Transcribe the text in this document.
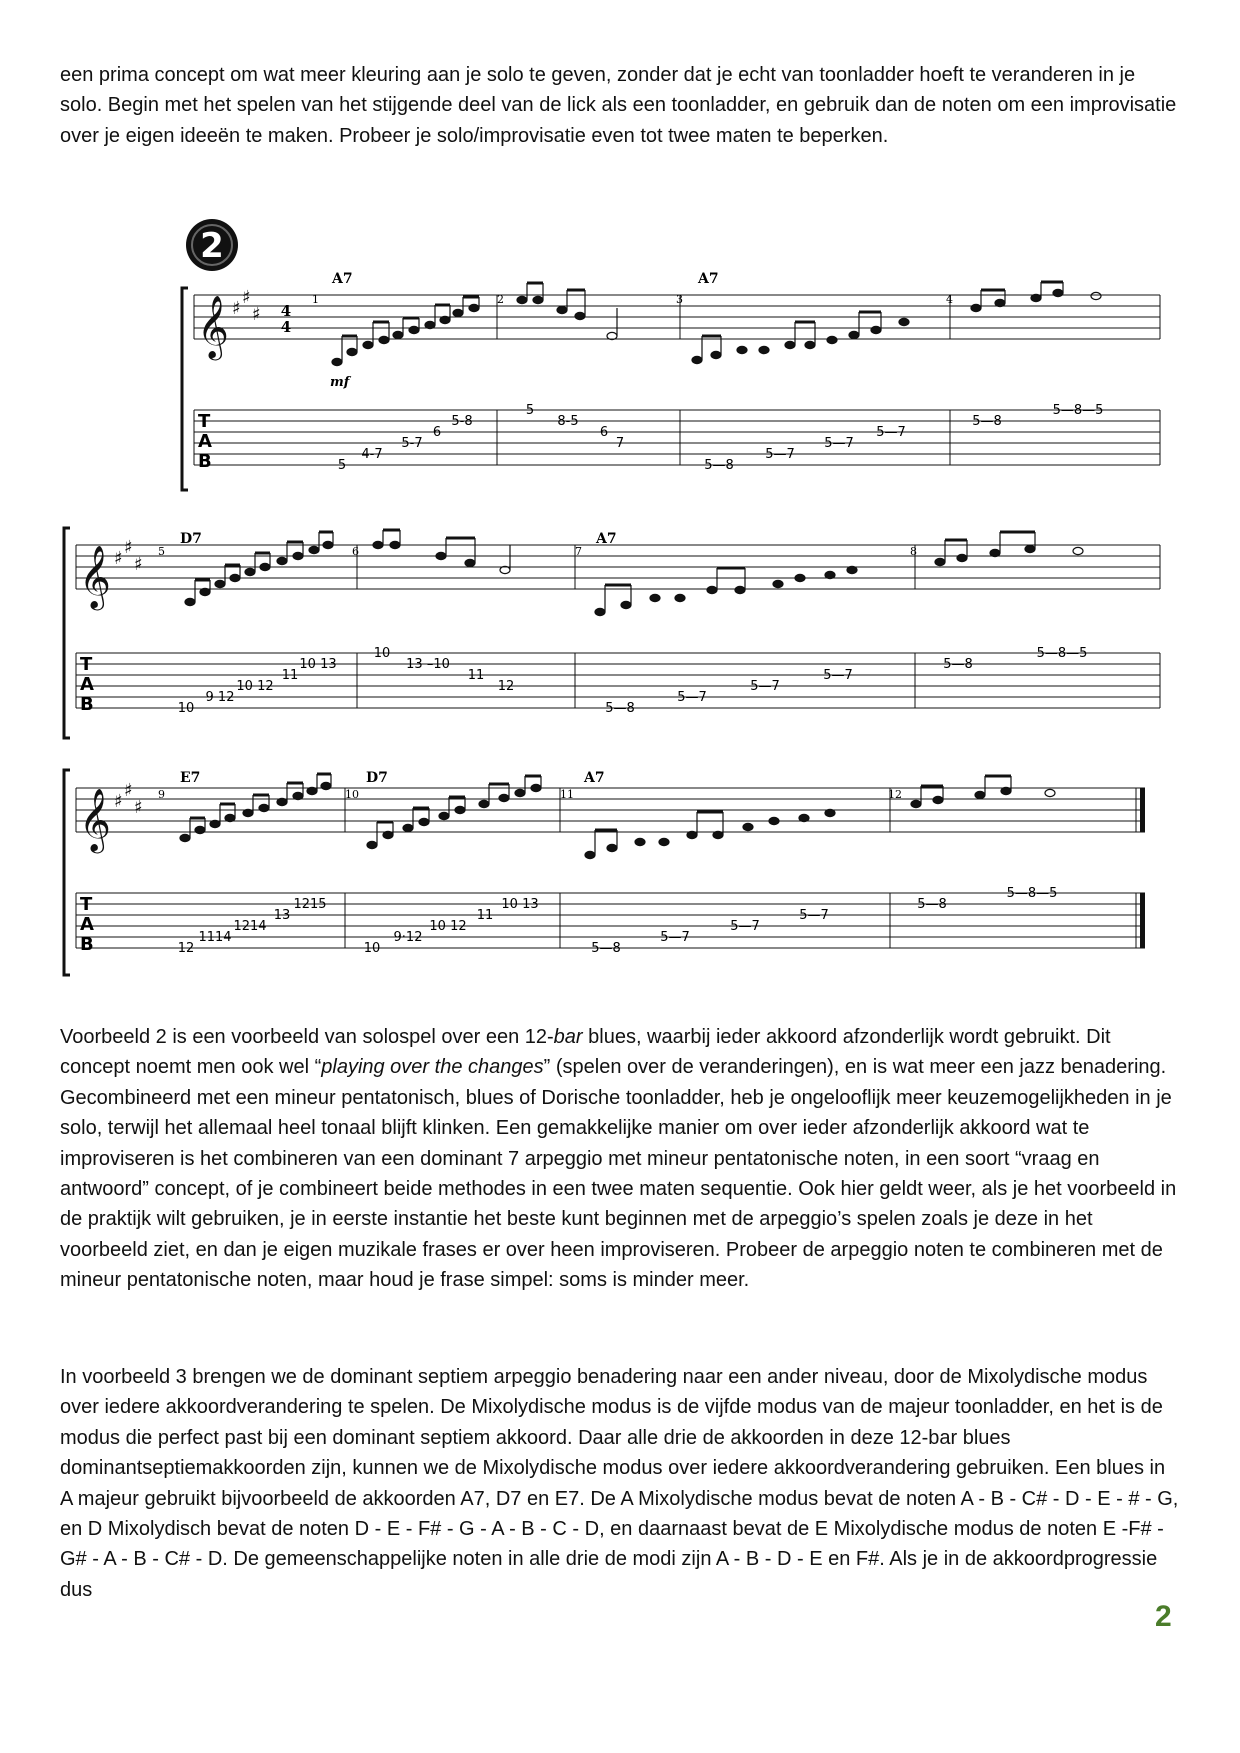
een prima concept om wat meer kleuring aan je solo te geven, zonder dat je echt van toonladder hoeft te veranderen in je solo. Begin met het spelen van het stijgende deel van de lick als een toonladder, en gebruik dan de noten om een improvisatie over je eigen ideeën te maken. Probeer je solo/improvisatie even tot twee maten te beperken.

2
𝄞 ♯
♯
♯ 4
4
A7	A7
1	2	3	4
mf
T
A
B
5-8
5
8-5
6	6
5-7	7
4-7
5
5—8
5—8—5
5—7
5—7
5—7
5—8
𝄞 ♯
♯
♯
D7	A7
5	6	7	8
T
A
B
10 13
11
10 12
9 12
10
10
13 –10
11
12
5—7
5—7
5—7
5—8
5—8
5—8—5
𝄞 ♯
♯
♯
E7	D7	A7
9	10	11	12
T
A
B
1215
13
1214
1114
12
10 13
11
10 12
9·12
10
5—7
5—7
5—7
5—8
5—8
5—8—5

Voorbeeld 2 is een voorbeeld van solospel over een 12-bar blues, waarbij ieder akkoord afzonderlijk wordt gebruikt. Dit concept noemt men ook wel “playing over the changes” (spelen over de veranderingen), en is wat meer een jazz benadering. Gecombineerd met een mineur pentatonisch, blues of Dorische toonladder, heb je ongelooflijk meer keuzemogelijkheden in je solo, terwijl het allemaal heel tonaal blijft klinken. Een gemakkelijke manier om over ieder afzonderlijk akkoord wat te improviseren is het combineren van een dominant 7 arpeggio met mineur pentatonische noten, in een soort “vraag en antwoord” concept, of je combineert beide methodes in een twee maten sequentie. Ook hier geldt weer, als je het voorbeeld in de praktijk wilt gebruiken, je in eerste instantie het beste kunt beginnen met de arpeggio’s spelen zoals je deze in het voorbeeld ziet, en dan je eigen muzikale frases er over heen improviseren. Probeer de arpeggio noten te combineren met de mineur pentatonische noten, maar houd je frase simpel: soms is minder meer.

In voorbeeld 3 brengen we de dominant septiem arpeggio benadering naar een ander niveau, door de Mixolydische modus over iedere akkoordverandering te spelen. De Mixolydische modus is de vijfde modus van de majeur toonladder, en het is de modus die perfect past bij een dominant septiem akkoord. Daar alle drie de akkoorden in deze 12-bar blues dominantseptiemakkoorden zijn, kunnen we de Mixolydische modus over iedere akkoordverandering gebruiken. Een blues in A majeur gebruikt bijvoorbeeld de akkoorden A7, D7 en E7. De A Mixolydische modus bevat de noten A - B - C# - D - E - # - G, en D Mixolydisch bevat de noten D - E - F# - G - A - B - C - D, en daarnaast bevat de E Mixolydische modus de noten E -F# - G# - A - B - C# - D. De gemeenschappelijke noten in alle drie de modi zijn A - B - D - E en F#. Als je in de akkoordprogressie dus

2
